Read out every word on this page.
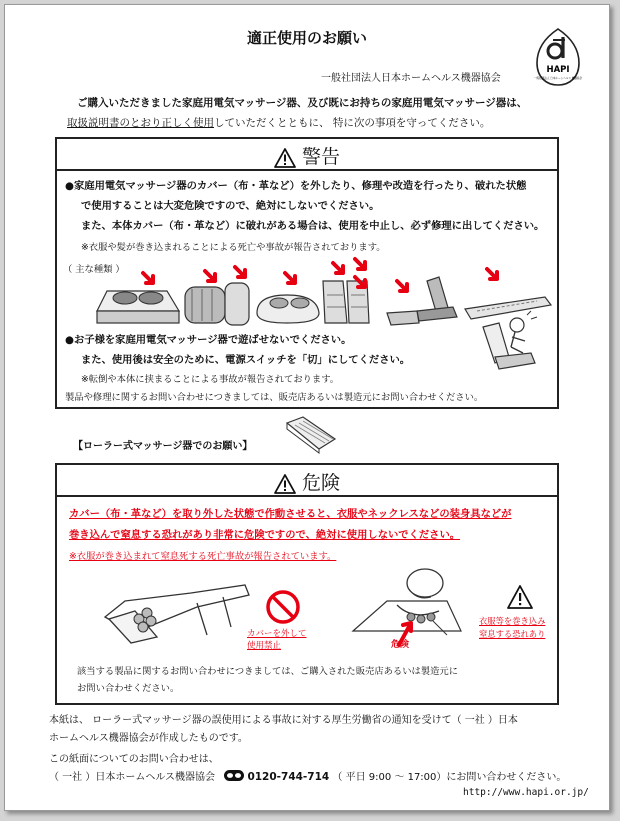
適正使用のお願い
一般社団法人日本ホームヘルス機器協会
HAPI
一般社団法人 日本ホームヘルス 機器協会
ご購入いただきました家庭用電気マッサージ器、及び既にお持ちの家庭用電気マッサージ器は、
取扱説明書のとおり正しく使用していただくとともに、 特に次の事項を守ってください。
警告
●家庭用電気マッサージ器のカバー（布・革など）を外したり、修理や改造を行ったり、破れた状態
で使用することは大変危険ですので、絶対にしないでください。
また、本体カバー（布・革など）に破れがある場合は、使用を中止し、必ず修理に出してください。
※衣服や髪が巻き込まれることによる死亡や事故が報告されております。
（ 主な種類 ）
●お子様を家庭用電気マッサージ器で遊ばせないでください。
また、使用後は安全のために、電源スイッチを「切」にしてください。
※転倒や本体に挟まることによる事故が報告されております。
製品や修理に関するお問い合わせにつきましては、販売店あるいは製造元にお問い合わせください。
【ローラー式マッサージ器でのお願い】
危険
カバー（布・革など）を取り外した状態で作動させると、衣服やネックレスなどの装身具などが
巻き込んで窒息する恐れがあり非常に危険ですので、絶対に使用しないでください。
※衣服が巻き込まれて窒息死する死亡事故が報告されています。
カバーを外して
使用禁止	危険
衣服等を巻き込み
窒息する恐れあり
該当する製品に関するお問い合わせにつきましては、ご購入された販売店あるいは製造元に
お問い合わせください。
本紙は、 ローラー式マッサージ器の誤使用による事故に対する厚生労働省の通知を受けて（ 一社 ）日本
ホームヘルス機器協会が作成したものです。
この紙面についてのお問い合わせは、
（ 一社 ）日本ホームヘルス機器協会	0120-744-714 （ 平日 9:00 〜 17:00）にお問い合わせください。
http://www.hapi.or.jp/
